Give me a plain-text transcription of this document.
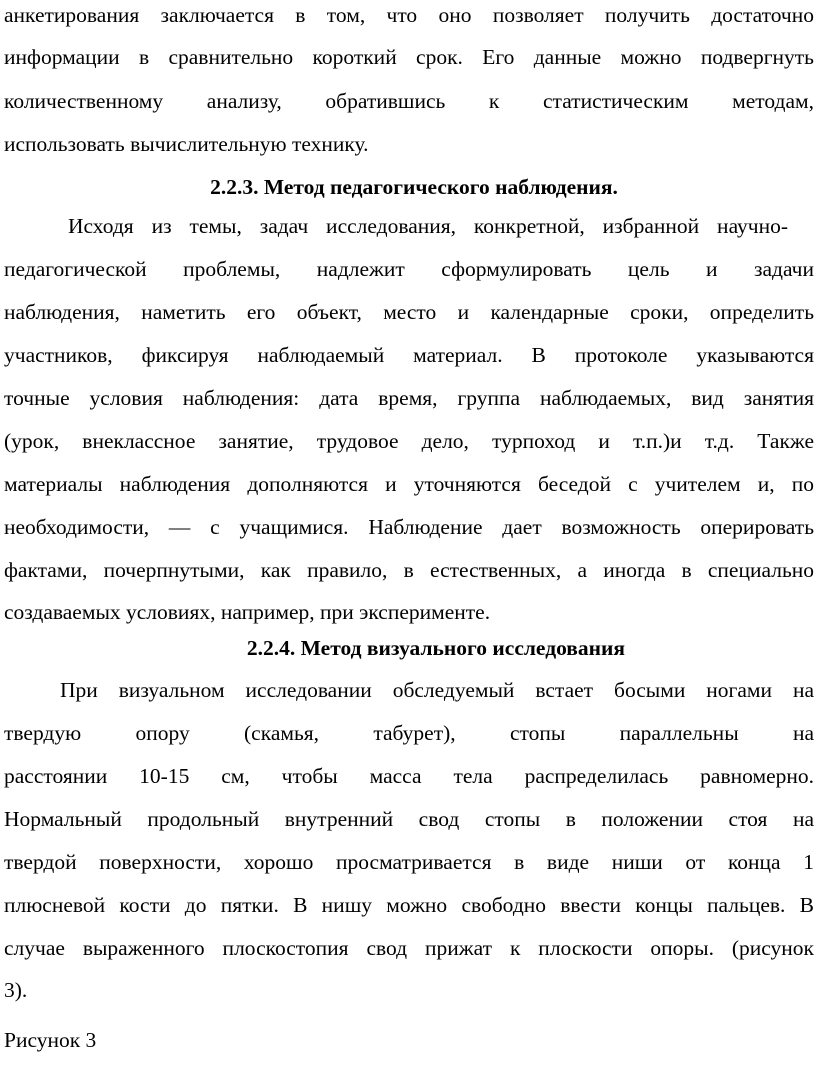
анкетирования заключается в том, что оно позволяет получить достаточно
информации в сравнительно короткий срок. Его данные можно подвергнуть
количественному анализу, обратившись к статистическим методам,
использовать вычислительную технику.
2.2.3. Метод педагогического наблюдения.
Исходя из темы, задач исследования, конкретной, избранной научно-
педагогической проблемы, надлежит сформулировать цель и задачи
наблюдения, наметить его объект, место и календарные сроки, определить
участников, фиксируя наблюдаемый материал. В протоколе указываются
точные условия наблюдения: дата время, группа наблюдаемых, вид занятия
(урок, внеклассное занятие, трудовое дело, турпоход и т.п.)и т.д. Также
материалы наблюдения дополняются и уточняются беседой с учителем и, по
необходимости, — с учащимися. Наблюдение дает возможность оперировать
фактами, почерпнутыми, как правило, в естественных, а иногда в специально
создаваемых условиях, например, при эксперименте.
2.2.4. Метод визуального исследования
При визуальном исследовании обследуемый встает босыми ногами на
твердую опору (скамья, табурет), стопы параллельны на
расстоянии 10-15 см, чтобы масса тела распределилась равномерно.
Нормальный продольный внутренний свод стопы в положении стоя на
твердой поверхности, хорошо просматривается в виде ниши от конца 1
плюсневой кости до пятки. В нишу можно свободно ввести концы пальцев. В
случае выраженного плоскостопия свод прижат к плоскости опоры. (рисунок
3).
Рисунок 3
